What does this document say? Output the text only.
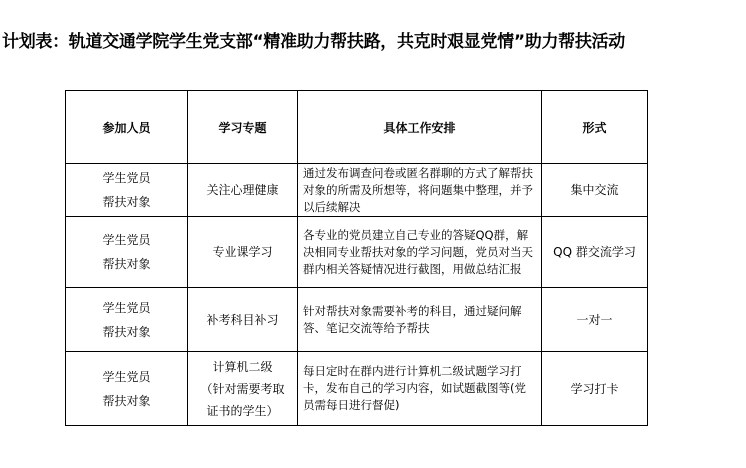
计划表：轨道交通学院学生党支部“精准助力帮扶路，共克时艰显党情”助力帮扶活动
参加人员	学习专题	具体工作安排	形式

学生党员
帮扶对象	关注心理健康	通过发布调查问卷或匿名群聊的方式了解帮扶对象的所需及所想等，将问题集中整理，并予以后续解决	集中交流

学生党员
帮扶对象	专业课学习	各专业的党员建立自己专业的答疑QQ群，解决相同专业帮扶对象的学习问题，党员对当天群内相关答疑情况进行截图，用做总结汇报	QQ 群交流学习

学生党员
帮扶对象	补考科目补习	针对帮扶对象需要补考的科目，通过疑问解答、笔记交流等给予帮扶	一对一

学生党员
帮扶对象	计算机二级
（针对需要考取
证书的学生）	每日定时在群内进行计算机二级试题学习打卡，发布自己的学习内容，如试题截图等(党员需每日进行督促)	学习打卡
